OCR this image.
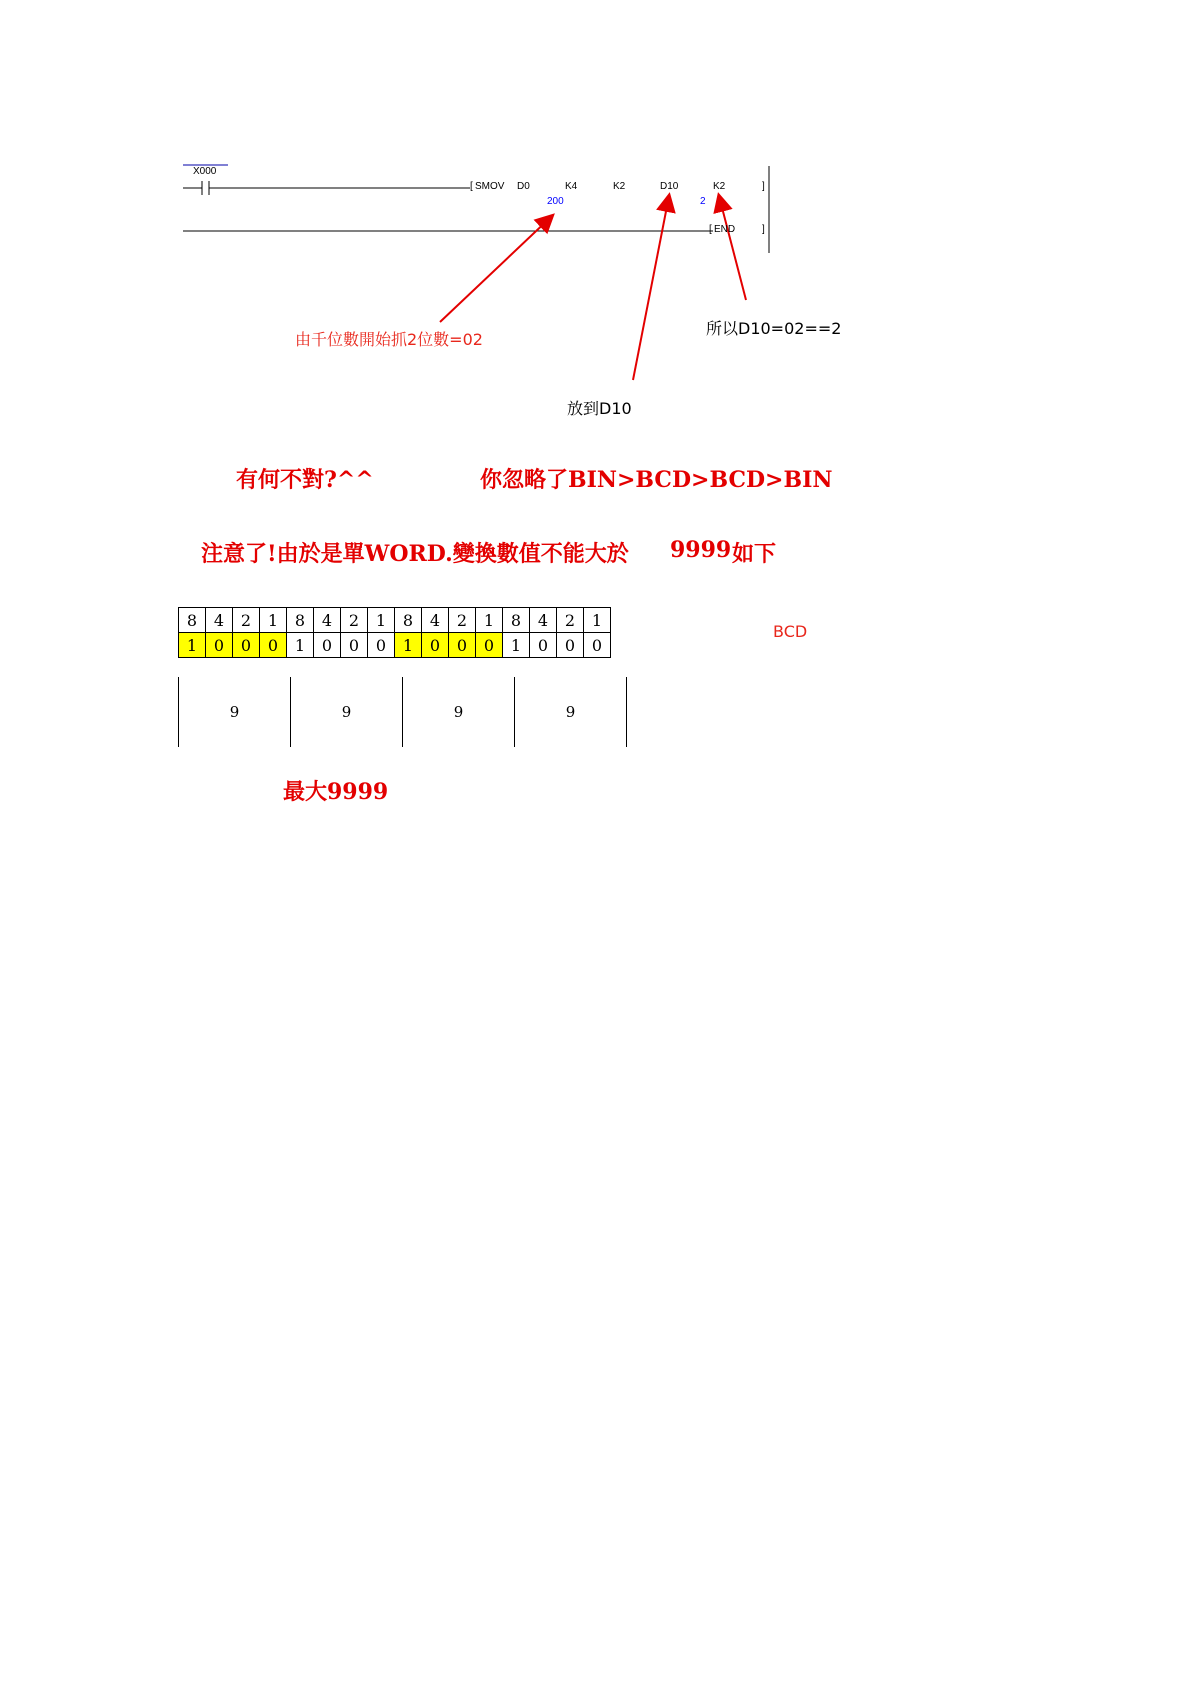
X000
[ SMOV D0	K4	K2	D10	K2	]
200	2
[ END	]
由千位數開始抓2位數=02
放到D10
所以D10=02==2
有何不對?^^	你忽略了BIN>BCD>BCD>BIN
注意了!由於是單WORD.變換數值不能大於 9999 如下
8	4	2	1	8	4	2	1	8	4	2	1	8	4	2	1
1	0	0	0	1	0	0	0	1	0	0	0	1	0	0	0
BCD
9	9	9	9
最大9999
